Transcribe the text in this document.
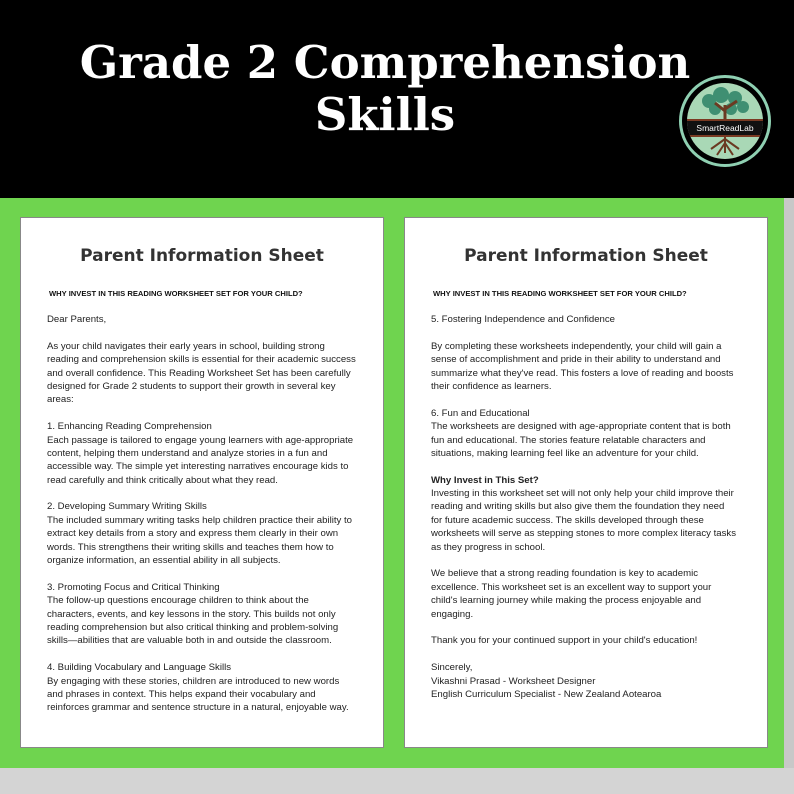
Grade 2 Comprehension
Skills	SmartReadLab
Parent Information Sheet
WHY INVEST IN THIS READING WORKSHEET SET FOR YOUR CHILD?
Dear Parents,
As your child navigates their early years in school, building strong
reading and comprehension skills is essential for their academic success
and overall confidence. This Reading Worksheet Set has been carefully
designed for Grade 2 students to support their growth in several key
areas:
1. Enhancing Reading Comprehension
Each passage is tailored to engage young learners with age-appropriate
content, helping them understand and analyze stories in a fun and
accessible way. The simple yet interesting narratives encourage kids to
read carefully and think critically about what they read.
2. Developing Summary Writing Skills
The included summary writing tasks help children practice their ability to
extract key details from a story and express them clearly in their own
words. This strengthens their writing skills and teaches them how to
organize information, an essential ability in all subjects.
3. Promoting Focus and Critical Thinking
The follow-up questions encourage children to think about the
characters, events, and key lessons in the story. This builds not only
reading comprehension but also critical thinking and problem-solving
skills—abilities that are valuable both in and outside the classroom.
4. Building Vocabulary and Language Skills
By engaging with these stories, children are introduced to new words
and phrases in context. This helps expand their vocabulary and
reinforces grammar and sentence structure in a natural, enjoyable way.
Parent Information Sheet
WHY INVEST IN THIS READING WORKSHEET SET FOR YOUR CHILD?
5. Fostering Independence and Confidence
By completing these worksheets independently, your child will gain a
sense of accomplishment and pride in their ability to understand and
summarize what they've read. This fosters a love of reading and boosts
their confidence as learners.
6. Fun and Educational
The worksheets are designed with age-appropriate content that is both
fun and educational. The stories feature relatable characters and
situations, making learning feel like an adventure for your child.
Why Invest in This Set?
Investing in this worksheet set will not only help your child improve their
reading and writing skills but also give them the foundation they need
for future academic success. The skills developed through these
worksheets will serve as stepping stones to more complex literacy tasks
as they progress in school.
We believe that a strong reading foundation is key to academic
excellence. This worksheet set is an excellent way to support your
child's learning journey while making the process enjoyable and
engaging.
Thank you for your continued support in your child's education!
Sincerely,
Vikashni Prasad - Worksheet Designer
English Curriculum Specialist - New Zealand Aotearoa
